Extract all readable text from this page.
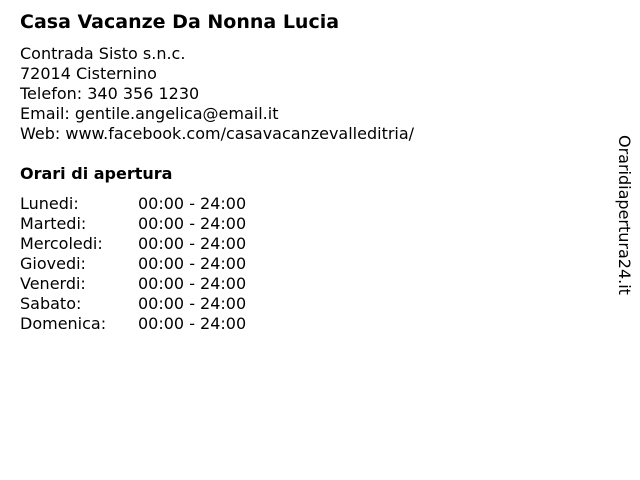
Casa Vacanze Da Nonna Lucia
Contrada Sisto s.n.c.
72014 Cisternino
Telefon: 340 356 1230
Email: gentile.angelica@email.it
Web: www.facebook.com/casavacanzevalleditria/
Orari di apertura
Lunedi:	00:00 - 24:00
Martedi:	00:00 - 24:00
Mercoledi: 00:00 - 24:00
Giovedi:	00:00 - 24:00
Venerdi:	00:00 - 24:00
Sabato:	00:00 - 24:00
Domenica: 00:00 - 24:00
Oraridiapertura24.it
